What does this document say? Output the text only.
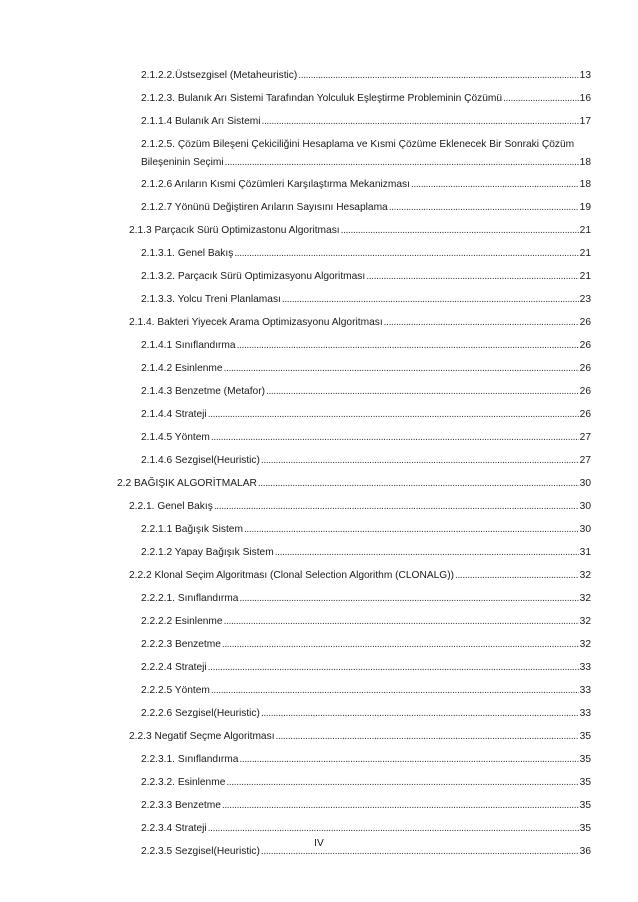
2.1.2.2.Üstsezgisel (Metaheuristic) . . .	13
2.1.2.3. Bulanık Arı Sistemi Tarafından Yolculuk Eşleştirme Probleminin Çözümü . . .	16
2.1.1.4 Bulanık Arı Sistemi . . .	17
2.1.2.5. Çözüm Bileşeni Çekiciliğini Hesaplama ve Kısmi Çözüme Eklenecek Bir Sonraki Çözüm
Bileşeninin Seçimi . . .	18
2.1.2.6 Arıların Kısmi Çözümleri Karşılaştırma Mekanizması . . .	18
2.1.2.7 Yönünü Değiştiren Arıların Sayısını Hesaplama . . .	19
2.1.3 Parçacık Sürü Optimizastonu Algoritması . . .	21
2.1.3.1. Genel Bakış . . .	21
2.1.3.2. Parçacık Sürü Optimizasyonu Algoritması . . .	21
2.1.3.3. Yolcu Treni Planlaması . . .	23
2.1.4. Bakteri Yiyecek Arama Optimizasyonu Algoritması . . .	26
2.1.4.1 Sınıflandırma . . .	26
2.1.4.2 Esinlenme . . .	26
2.1.4.3 Benzetme (Metafor) . . .	26
2.1.4.4 Strateji . . .	26
2.1.4.5 Yöntem . . .	27
2.1.4.6 Sezgisel(Heuristic) . . .	27
2.2 BAĞIŞIK ALGORİTMALAR . . .	30
2.2.1. Genel Bakış . . .	30
2.2.1.1 Bağışık Sistem . . .	30
2.2.1.2 Yapay Bağışık Sistem . . .	31
2.2.2 Klonal Seçim Algoritması (Clonal Selection Algorithm (CLONALG)) . . .	32
2.2.2.1. Sınıflandırma . . .	32
2.2.2.2 Esinlenme . . .	32
2.2.2.3 Benzetme . . .	32
2.2.2.4 Strateji . . .	33
2.2.2.5 Yöntem . . .	33
2.2.2.6 Sezgisel(Heuristic) . . .	33
2.2.3 Negatif Seçme Algoritması . . .	35
2.2.3.1. Sınıflandırma . . .	35
2.2.3.2. Esinlenme . . .	35
2.2.3.3 Benzetme . . .	35
2.2.3.4 Strateji . . .	35
2.2.3.5 Sezgisel(Heuristic) . . .	36
IV
